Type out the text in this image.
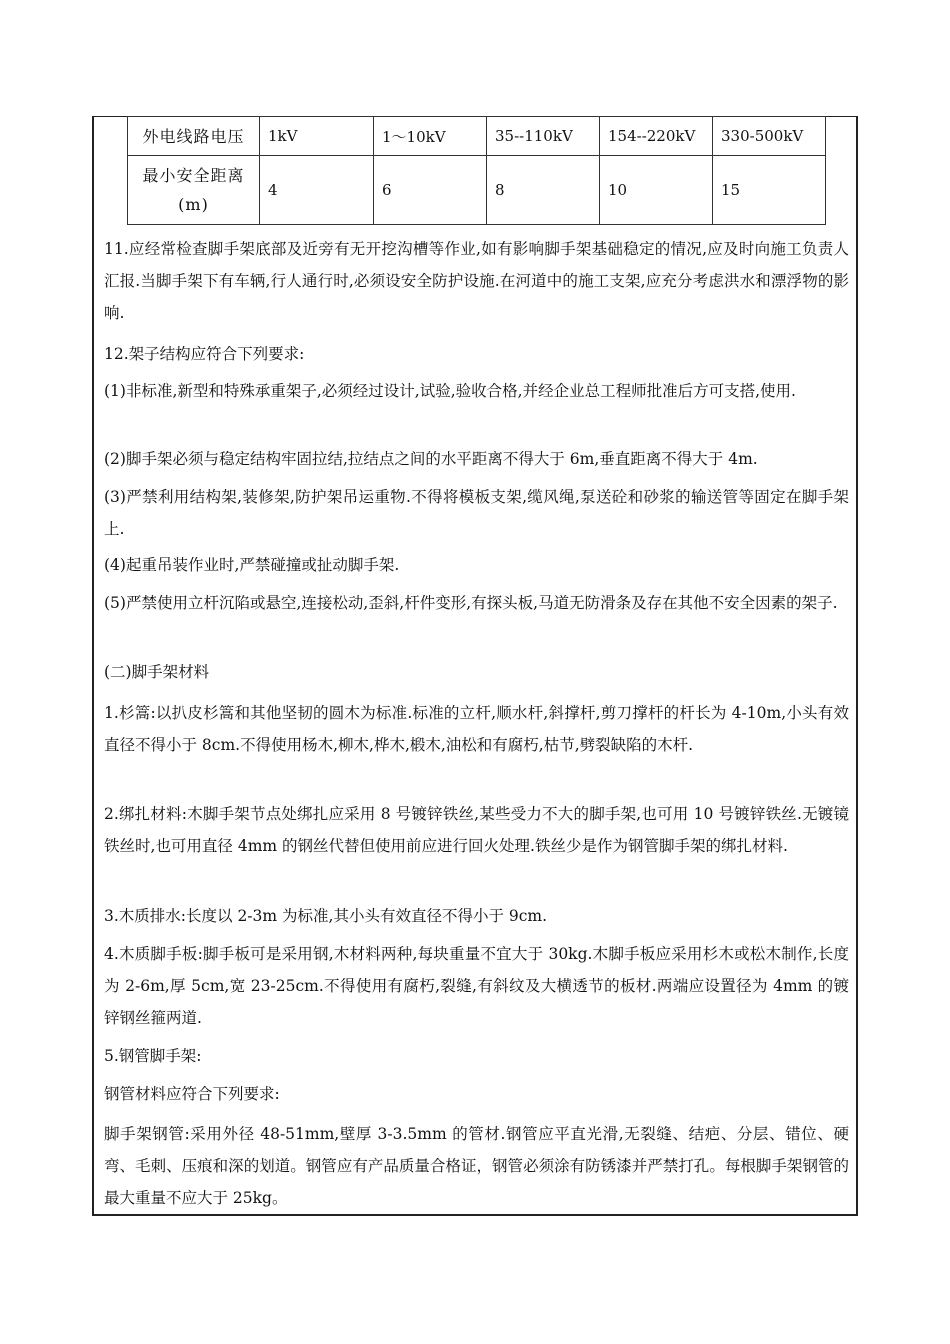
外电线路电压	1kV	1～10kV	35--110kV	154--220kV	330-500kV
最小安全距离(m)	4	6	8	10	15
11.应经常检查脚手架底部及近旁有无开挖沟槽等作业,如有影响脚手架基础稳定的情况,应及时向施工负责人汇报.当脚手架下有车辆,行人通行时,必须设安全防护设施.在河道中的施工支架,应充分考虑洪水和漂浮物的影响.
12.架子结构应符合下列要求:
(1)非标准,新型和特殊承重架子,必须经过设计,试验,验收合格,并经企业总工程师批准后方可支搭,使用.
(2)脚手架必须与稳定结构牢固拉结,拉结点之间的水平距离不得大于 6m,垂直距离不得大于 4m.
(3)严禁利用结构架,装修架,防护架吊运重物.不得将模板支架,缆风绳,泵送砼和砂浆的输送管等固定在脚手架上.
(4)起重吊装作业时,严禁碰撞或扯动脚手架.
(5)严禁使用立杆沉陷或悬空,连接松动,歪斜,杆件变形,有探头板,马道无防滑条及存在其他不安全因素的架子.
(二)脚手架材料
1.杉篙:以扒皮杉篙和其他坚韧的圆木为标准.标准的立杆,顺水杆,斜撑杆,剪刀撑杆的杆长为 4-10m,小头有效直径不得小于 8cm.不得使用杨木,柳木,桦木,椴木,油松和有腐朽,枯节,劈裂缺陷的木杆.
2.绑扎材料:木脚手架节点处绑扎应采用 8 号镀锌铁丝,某些受力不大的脚手架,也可用 10 号镀锌铁丝.无镀镜铁丝时,也可用直径 4mm 的钢丝代替但使用前应进行回火处理.铁丝少是作为钢管脚手架的绑扎材料.
3.木质排水:长度以 2-3m 为标准,其小头有效直径不得小于 9cm.
4.木质脚手板:脚手板可是采用钢,木材料两种,每块重量不宜大于 30kg.木脚手板应采用杉木或松木制作,长度为 2-6m,厚 5cm,宽 23-25cm.不得使用有腐朽,裂缝,有斜纹及大横透节的板材.两端应设置径为 4mm 的镀锌钢丝箍两道.
5.钢管脚手架:
钢管材料应符合下列要求:
脚手架钢管:采用外径 48-51mm,壁厚 3-3.5mm 的管材.钢管应平直光滑,无裂缝、结疤、分层、错位、硬弯、毛刺、压痕和深的划道。钢管应有产品质量合格证，钢管必须涂有防锈漆并严禁打孔。每根脚手架钢管的最大重量不应大于 25kg。
